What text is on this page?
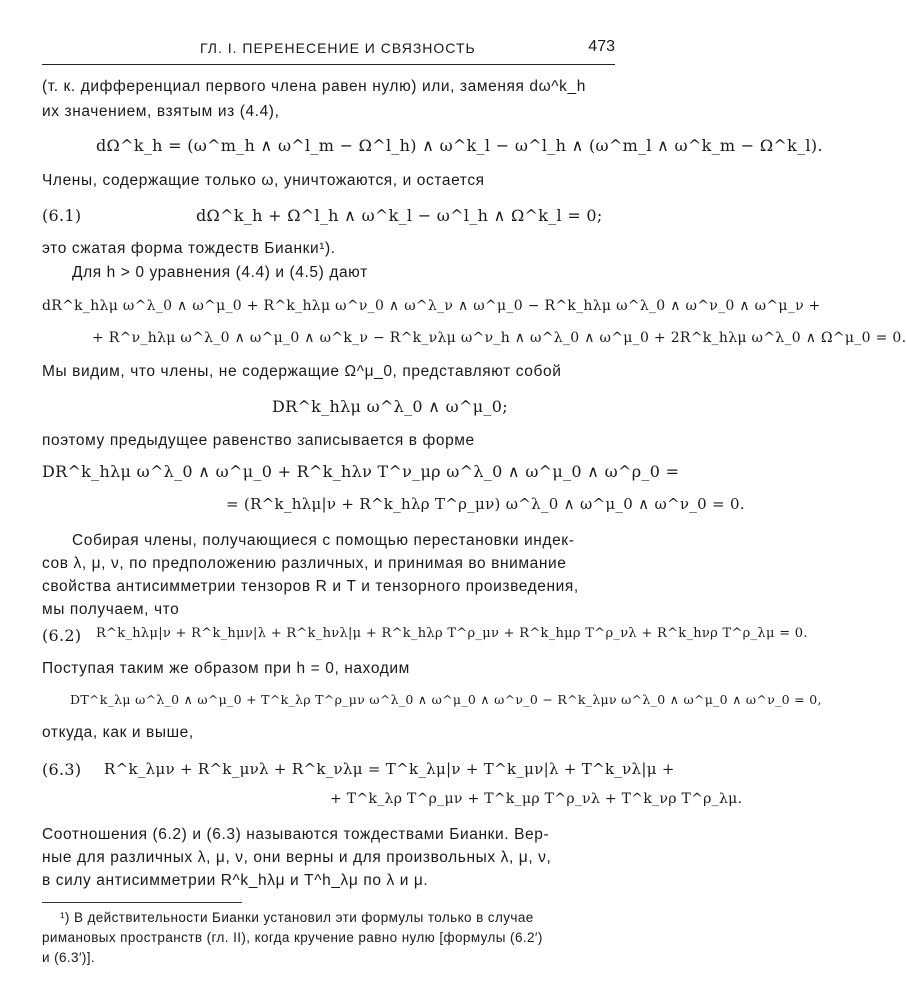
ГЛ. I. ПЕРЕНЕСЕНИЕ И СВЯЗНОСТЬ	473
(т. к. дифференциал первого члена равен нулю) или, заменяя dω^k_h
их значением, взятым из (4.4),
dΩ^k_h = (ω^m_h ∧ ω^l_m − Ω^l_h) ∧ ω^k_l − ω^l_h ∧ (ω^m_l ∧ ω^k_m − Ω^k_l).
Члены, содержащие только ω, уничтожаются, и остается
(6.1)	dΩ^k_h + Ω^l_h ∧ ω^k_l − ω^l_h ∧ Ω^k_l = 0;
это сжатая форма тождеств Бианки¹).
Для h > 0 уравнения (4.4) и (4.5) дают
dR^k_hλμ ω^λ_0 ∧ ω^μ_0 + R^k_hλμ ω^ν_0 ∧ ω^λ_ν ∧ ω^μ_0 − R^k_hλμ ω^λ_0 ∧ ω^ν_0 ∧ ω^μ_ν +
+ R^ν_hλμ ω^λ_0 ∧ ω^μ_0 ∧ ω^k_ν − R^k_νλμ ω^ν_h ∧ ω^λ_0 ∧ ω^μ_0 + 2R^k_hλμ ω^λ_0 ∧ Ω^μ_0 = 0.
Мы видим, что члены, не содержащие Ω^μ_0, представляют собой
DR^k_hλμ ω^λ_0 ∧ ω^μ_0;
поэтому предыдущее равенство записывается в форме
DR^k_hλμ ω^λ_0 ∧ ω^μ_0 + R^k_hλν T^ν_μρ ω^λ_0 ∧ ω^μ_0 ∧ ω^ρ_0 =
= (R^k_hλμ|ν + R^k_hλρ T^ρ_μν) ω^λ_0 ∧ ω^μ_0 ∧ ω^ν_0 = 0.
Собирая члены, получающиеся с помощью перестановки индек-
сов λ, μ, ν, по предположению различных, и принимая во внимание
свойства антисимметрии тензоров R и T и тензорного произведения,
мы получаем, что
(6.2) R^k_hλμ|ν + R^k_hμν|λ + R^k_hνλ|μ + R^k_hλρ T^ρ_μν + R^k_hμρ T^ρ_νλ + R^k_hνρ T^ρ_λμ = 0.
Поступая таким же образом при h = 0, находим
DT^k_λμ ω^λ_0 ∧ ω^μ_0 + T^k_λρ T^ρ_μν ω^λ_0 ∧ ω^μ_0 ∧ ω^ν_0 − R^k_λμν ω^λ_0 ∧ ω^μ_0 ∧ ω^ν_0 = 0,
откуда, как и выше,
(6.3) R^k_λμν + R^k_μνλ + R^k_νλμ = T^k_λμ|ν + T^k_μν|λ + T^k_νλ|μ +
+ T^k_λρ T^ρ_μν + T^k_μρ T^ρ_νλ + T^k_νρ T^ρ_λμ.
Соотношения (6.2) и (6.3) называются тождествами Бианки. Вер-
ные для различных λ, μ, ν, они верны и для произвольных λ, μ, ν,
в силу антисимметрии R^k_hλμ и T^h_λμ по λ и μ.
¹) В действительности Бианки установил эти формулы только в случае
римановых пространств (гл. II), когда кручение равно нулю [формулы (6.2′)
и (6.3′)].
